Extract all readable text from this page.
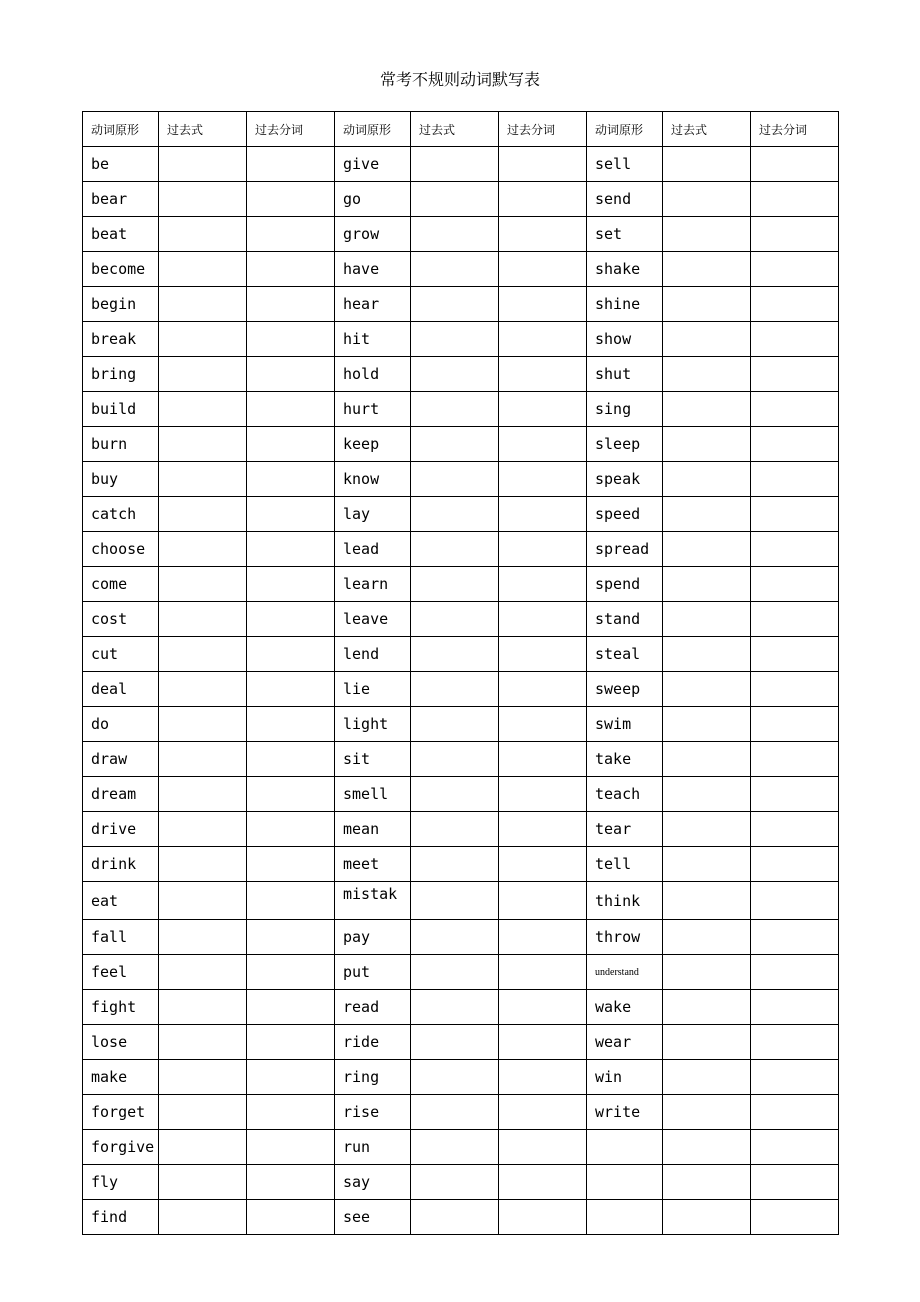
常考不规则动词默写表
动词原形	过去式	过去分词	动词原形	过去式	过去分词	动词原形	过去式	过去分词
be			give			sell		
bear			go			send		
beat			grow			set		
become			have			shake		
begin			hear			shine		
break			hit			show		
bring			hold			shut		
build			hurt			sing		
burn			keep			sleep		
buy			know			speak		
catch			lay			speed		
choose			lead			spread		
come			learn			spend		
cost			leave			stand		
cut			lend			steal		
deal			lie			sweep		
do			light			swim		
draw			sit			take		
dream			smell			teach		
drive			mean			tear		
drink			meet			tell		
eat			mistak			think		
fall			pay			throw		
feel			put			understand		
fight			read			wake		
lose			ride			wear		
make			ring			win		
forget			rise			write		
forgive			run					
fly			say					
find			see					
